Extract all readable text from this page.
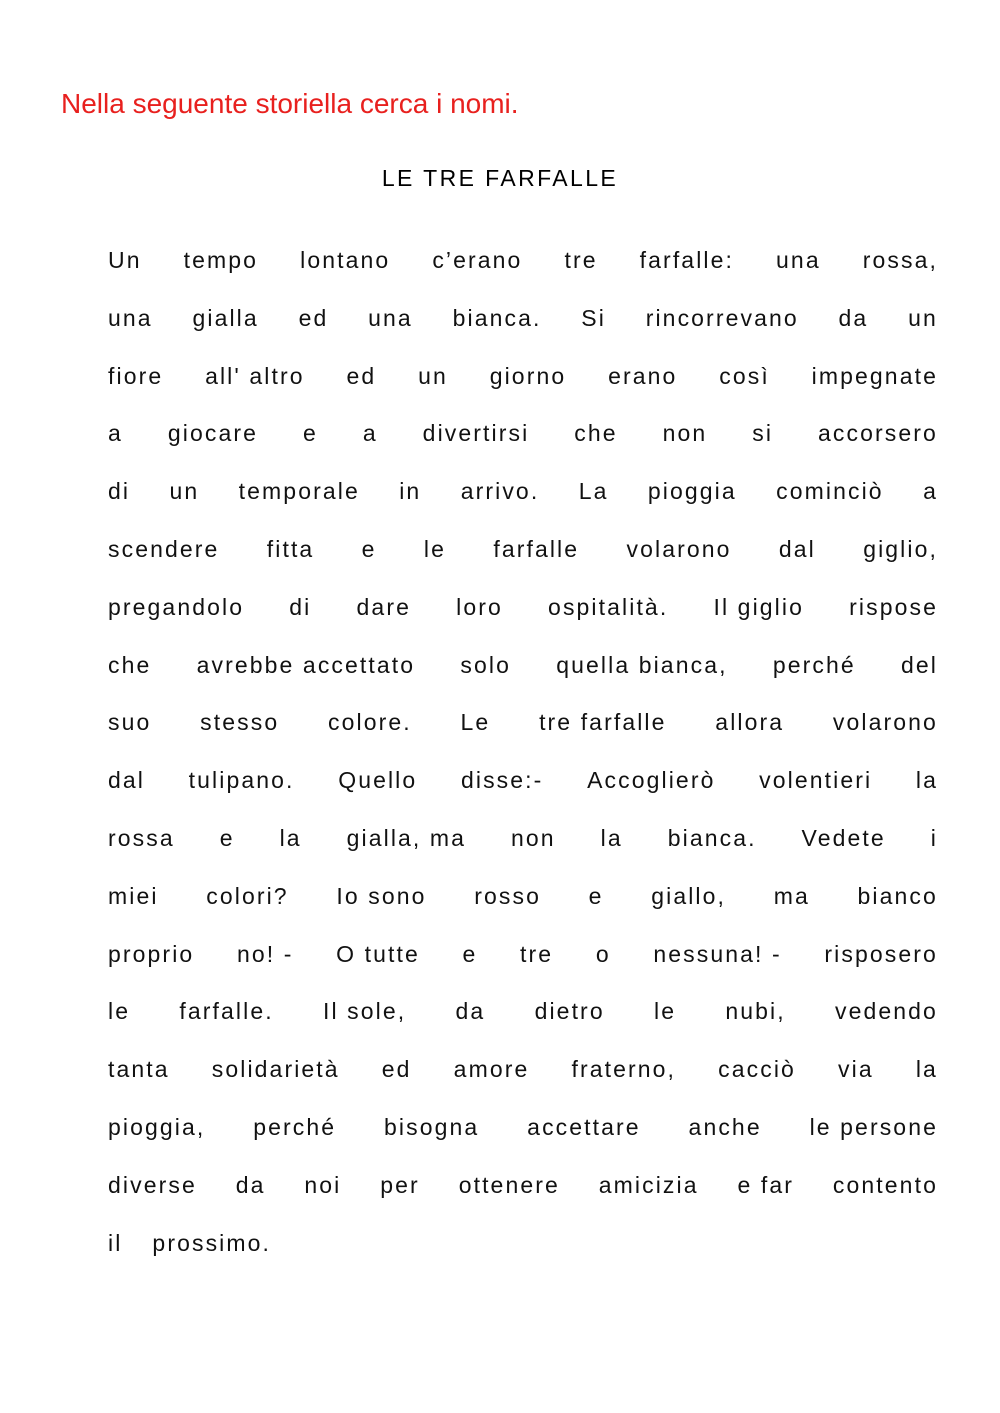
Nella seguente storiella cerca i nomi.
LE TRE FARFALLE
Un tempo lontano c’erano tre farfalle: una rossa,
una gialla ed una bianca. Si rincorrevano da un
fiore all' altro ed un giorno erano così impegnate
a giocare e a divertirsi che non si accorsero
di un temporale in arrivo. La pioggia cominciò a
scendere fitta e le farfalle volarono dal giglio,
pregandolo di dare loro ospitalità. Il giglio rispose
che avrebbe accettato solo quella bianca, perché del
suo stesso colore. Le tre farfalle allora volarono
dal tulipano. Quello disse:- Accoglierò volentieri la
rossa e la gialla, ma non la bianca. Vedete i
miei colori? Io sono rosso e giallo, ma bianco
proprio no! - O tutte e tre o nessuna! - risposero
le farfalle. Il sole, da dietro le nubi, vedendo
tanta solidarietà ed amore fraterno, cacciò via la
pioggia, perché bisogna accettare anche le persone
diverse da noi per ottenere amicizia e far contento
il prossimo.
